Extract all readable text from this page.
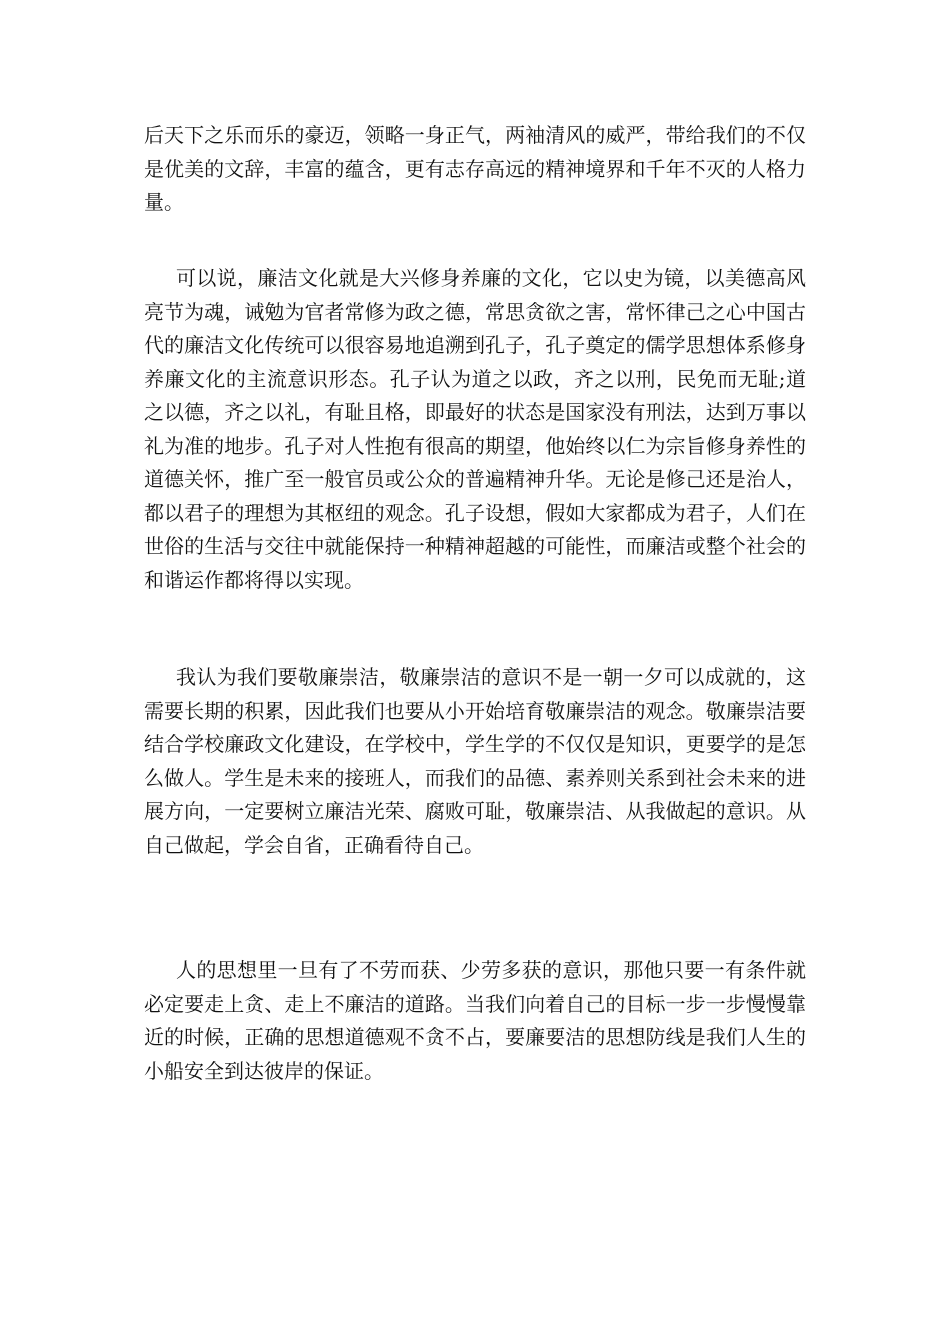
后天下之乐而乐的豪迈，领略一身正气，两袖清风的威严，带给我们的不仅是优美的文辞，丰富的蕴含，更有志存高远的精神境界和千年不灭的人格力量。

可以说，廉洁文化就是大兴修身养廉的文化，它以史为镜，以美德高风亮节为魂，诫勉为官者常修为政之德，常思贪欲之害，常怀律己之心中国古代的廉洁文化传统可以很容易地追溯到孔子，孔子奠定的儒学思想体系修身养廉文化的主流意识形态。孔子认为道之以政，齐之以刑，民免而无耻;道之以德，齐之以礼，有耻且格，即最好的状态是国家没有刑法，达到万事以礼为准的地步。孔子对人性抱有很高的期望，他始终以仁为宗旨修身养性的道德关怀，推广至一般官员或公众的普遍精神升华。无论是修己还是治人，都以君子的理想为其枢纽的观念。孔子设想，假如大家都成为君子，人们在世俗的生活与交往中就能保持一种精神超越的可能性，而廉洁或整个社会的和谐运作都将得以实现。

我认为我们要敬廉崇洁，敬廉崇洁的意识不是一朝一夕可以成就的，这需要长期的积累，因此我们也要从小开始培育敬廉崇洁的观念。敬廉崇洁要结合学校廉政文化建设，在学校中，学生学的不仅仅是知识，更要学的是怎么做人。学生是未来的接班人，而我们的品德、素养则关系到社会未来的进展方向，一定要树立廉洁光荣、腐败可耻，敬廉崇洁、从我做起的意识。从自己做起，学会自省，正确看待自己。

人的思想里一旦有了不劳而获、少劳多获的意识，那他只要一有条件就必定要走上贪、走上不廉洁的道路。当我们向着自己的目标一步一步慢慢靠近的时候，正确的思想道德观不贪不占，要廉要洁的思想防线是我们人生的小船安全到达彼岸的保证。
